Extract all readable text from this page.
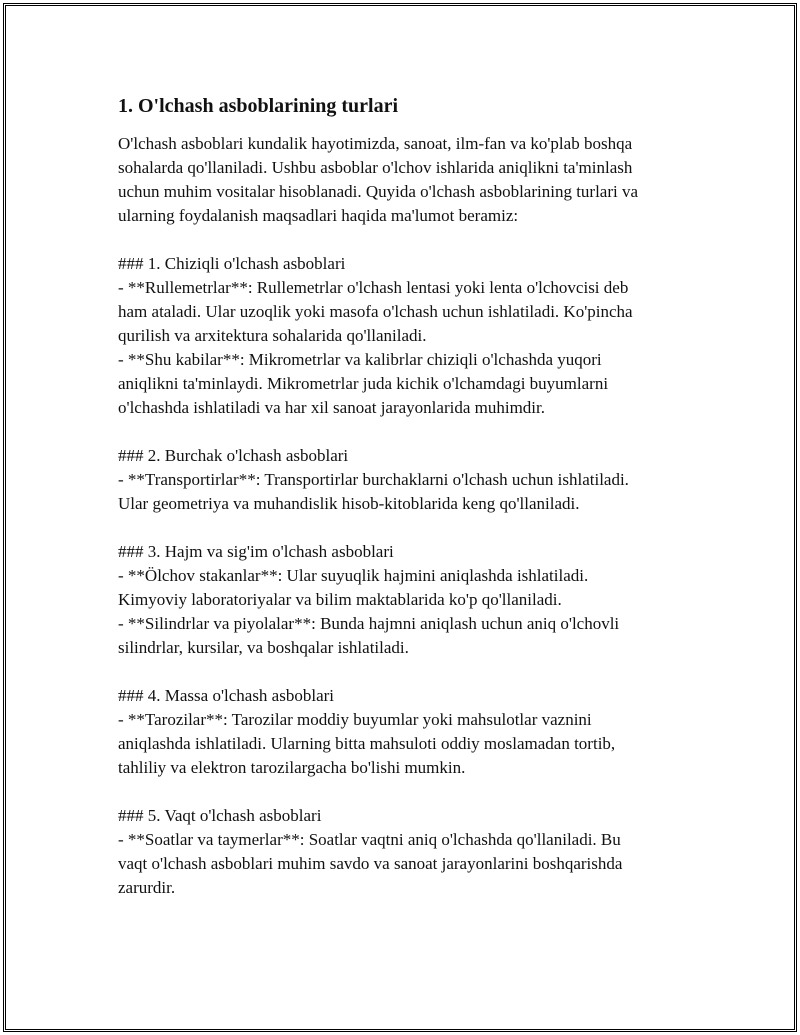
1. O'lchash asboblarining turlari

O'lchash asboblari kundalik hayotimizda, sanoat, ilm-fan va ko'plab boshqa
sohalarda qo'llaniladi. Ushbu asboblar o'lchov ishlarida aniqlikni ta'minlash
uchun muhim vositalar hisoblanadi. Quyida o'lchash asboblarining turlari va
ularning foydalanish maqsadlari haqida ma'lumot beramiz:

### 1. Chiziqli o'lchash asboblari

- **Rullemetrlar**: Rullemetrlar o'lchash lentasi yoki lenta o'lchovcisi deb
ham ataladi. Ular uzoqlik yoki masofa o'lchash uchun ishlatiladi. Ko'pincha
qurilish va arxitektura sohalarida qo'llaniladi.
- **Shu kabilar**: Mikrometrlar va kalibrlar chiziqli o'lchashda yuqori
aniqlikni ta'minlaydi. Mikrometrlar juda kichik o'lchamdagi buyumlarni
o'lchashda ishlatiladi va har xil sanoat jarayonlarida muhimdir.

### 2. Burchak o'lchash asboblari

- **Transportirlar**: Transportirlar burchaklarni o'lchash uchun ishlatiladi.
Ular geometriya va muhandislik hisob-kitoblarida keng qo'llaniladi.

### 3. Hajm va sig'im o'lchash asboblari

- **Ölchov stakanlar**: Ular suyuqlik hajmini aniqlashda ishlatiladi.
Kimyoviy laboratoriyalar va bilim maktablarida ko'p qo'llaniladi.
- **Silindrlar va piyolalar**: Bunda hajmni aniqlash uchun aniq o'lchovli
silindrlar, kursilar, va boshqalar ishlatiladi.

### 4. Massa o'lchash asboblari

- **Tarozilar**: Tarozilar moddiy buyumlar yoki mahsulotlar vaznini
aniqlashda ishlatiladi. Ularning bitta mahsuloti oddiy moslamadan tortib,
tahliliy va elektron tarozilargacha bo'lishi mumkin.

### 5. Vaqt o'lchash asboblari

- **Soatlar va taymerlar**: Soatlar vaqtni aniq o'lchashda qo'llaniladi. Bu
vaqt o'lchash asboblari muhim savdo va sanoat jarayonlarini boshqarishda
zarurdir.
